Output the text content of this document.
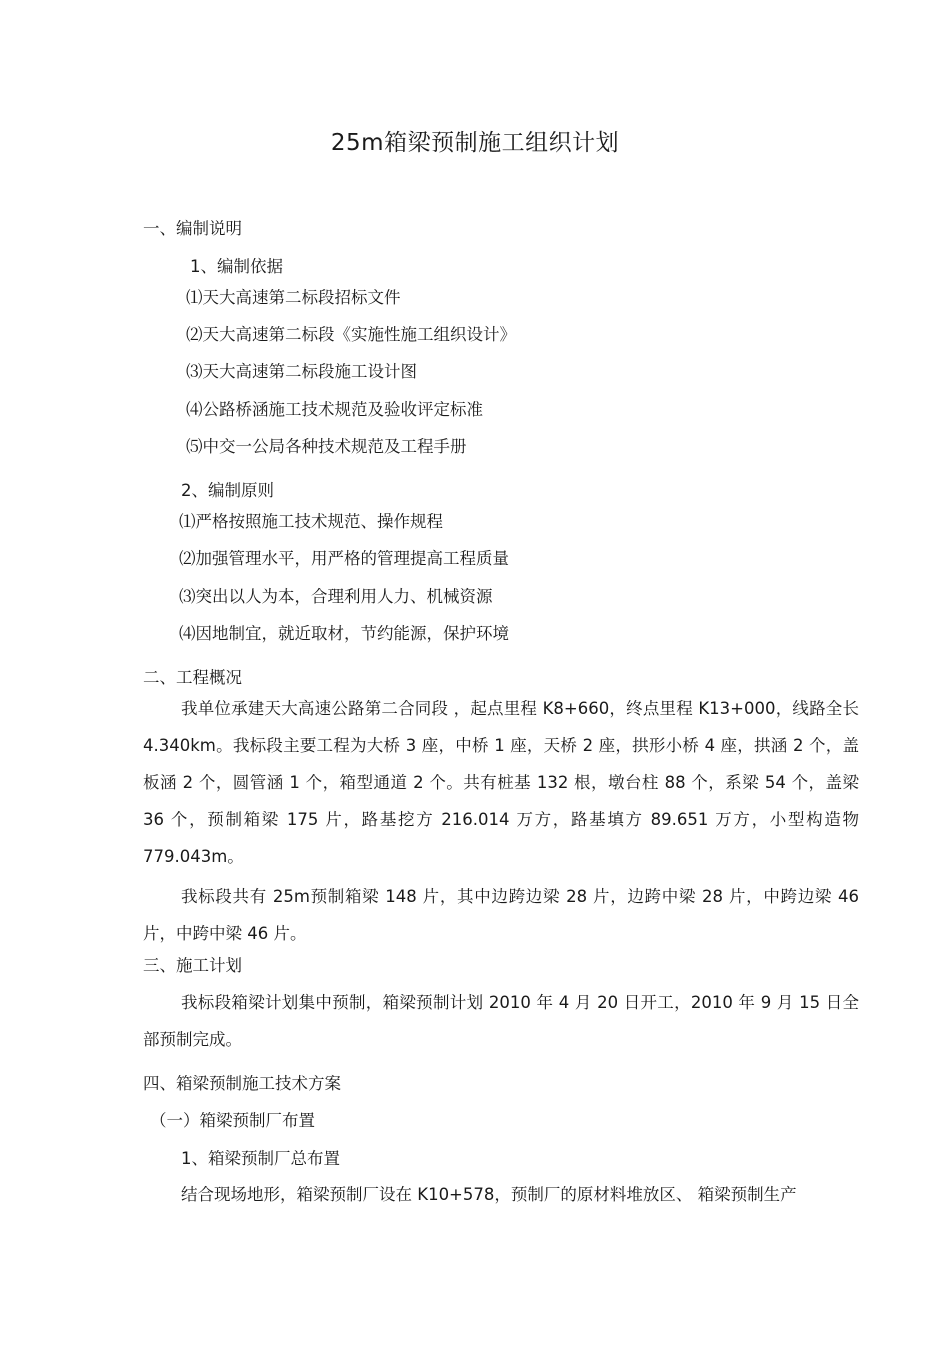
25m箱梁预制施工组织计划
一、编制说明
1、编制依据
⑴天大高速第二标段招标文件
⑵天大高速第二标段《实施性施工组织设计》
⑶天大高速第二标段施工设计图
⑷公路桥涵施工技术规范及验收评定标准
⑸中交一公局各种技术规范及工程手册
2、编制原则
⑴严格按照施工技术规范、操作规程
⑵加强管理水平，用严格的管理提高工程质量
⑶突出以人为本，合理利用人力、机械资源
⑷因地制宜，就近取材，节约能源，保护环境
二、工程概况
我单位承建天大高速公路第二合同段 ，起点里程 K8+660，终点里程 K13+000，线路全长 4.340km。我标段主要工程为大桥 3 座，中桥 1 座，天桥 2 座，拱形小桥 4 座，拱涵 2 个，盖板涵 2 个，圆管涵 1 个，箱型通道 2 个。共有桩基 132 根，墩台柱 88 个，系梁 54 个，盖梁 36 个，预制箱梁 175 片，路基挖方 216.014 万方，路基填方 89.651 万方，小型构造物 779.043m。
我标段共有 25m预制箱梁 148 片，其中边跨边梁 28 片，边跨中梁 28 片，中跨边梁 46 片，中跨中梁 46 片。
三、施工计划
我标段箱梁计划集中预制，箱梁预制计划 2010 年 4 月 20 日开工，2010 年 9 月 15 日全部预制完成。
四、箱梁预制施工技术方案
（一）箱梁预制厂布置
1、箱梁预制厂总布置
结合现场地形，箱梁预制厂设在 K10+578，预制厂的原材料堆放区、 箱梁预制生产
